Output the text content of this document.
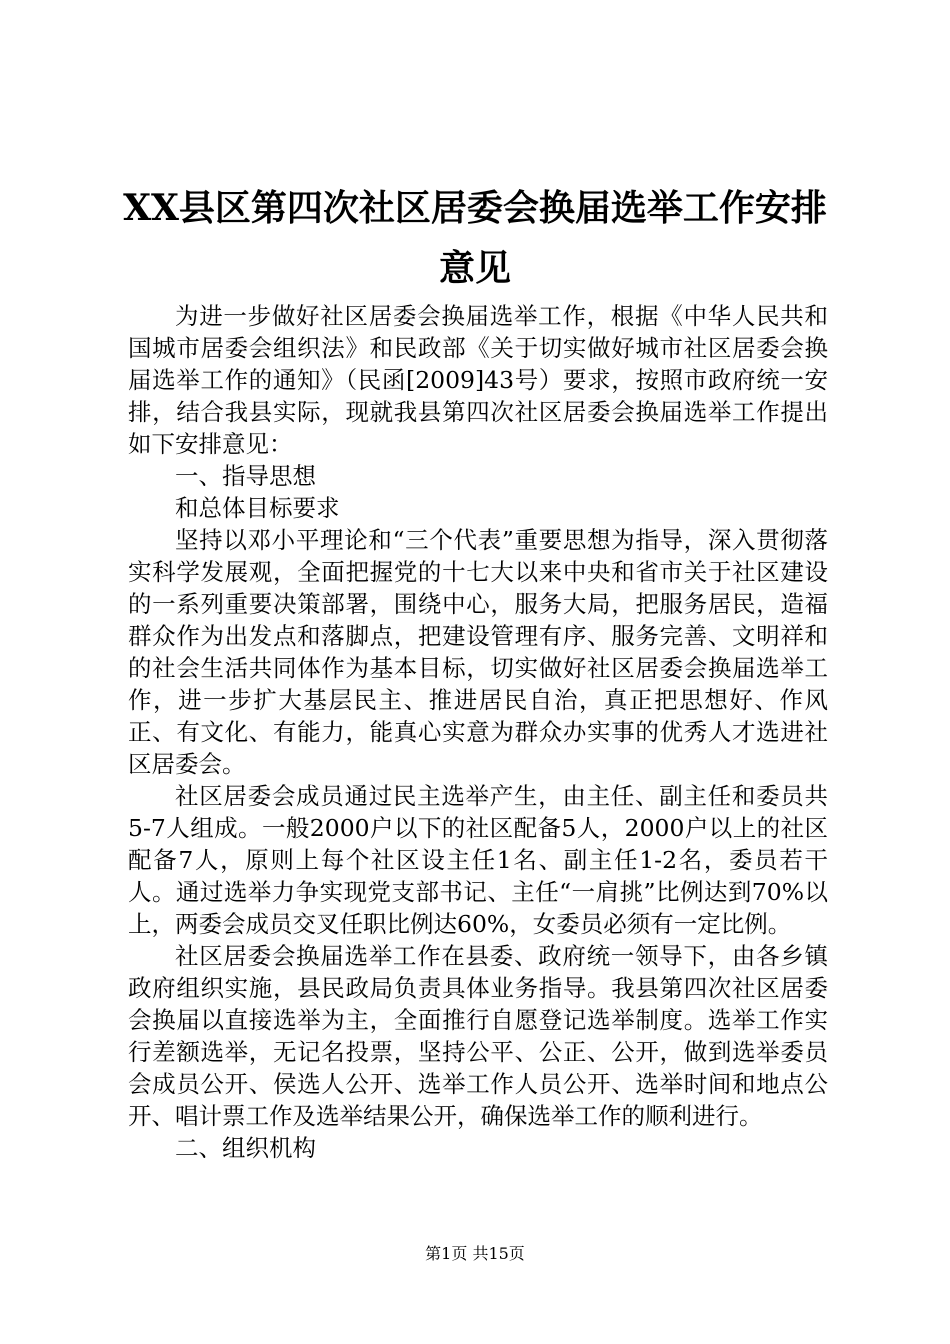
XX县区第四次社区居委会换届选举工作安排
意见

为进一步做好社区居委会换届选举工作，根据《中华人民共和国城市居委会组织法》和民政部《关于切实做好城市社区居委会换届选举工作的通知》（民函[2009]43号）要求，按照市政府统一安排，结合我县实际，现就我县第四次社区居委会换届选举工作提出如下安排意见：

一、指导思想

和总体目标要求

坚持以邓小平理论和“三个代表”重要思想为指导，深入贯彻落实科学发展观，全面把握党的十七大以来中央和省市关于社区建设的一系列重要决策部署，围绕中心，服务大局，把服务居民，造福群众作为出发点和落脚点，把建设管理有序、服务完善、文明祥和的社会生活共同体作为基本目标，切实做好社区居委会换届选举工作，进一步扩大基层民主、推进居民自治，真正把思想好、作风正、有文化、有能力，能真心实意为群众办实事的优秀人才选进社区居委会。

社区居委会成员通过民主选举产生，由主任、副主任和委员共5-7人组成。一般2000户以下的社区配备5人，2000户以上的社区配备7人，原则上每个社区设主任1名、副主任1-2名，委员若干人。通过选举力争实现党支部书记、主任“一肩挑”比例达到70%以上，两委会成员交叉任职比例达60%，女委员必须有一定比例。

社区居委会换届选举工作在县委、政府统一领导下，由各乡镇政府组织实施，县民政局负责具体业务指导。我县第四次社区居委会换届以直接选举为主，全面推行自愿登记选举制度。选举工作实行差额选举，无记名投票，坚持公平、公正、公开，做到选举委员会成员公开、侯选人公开、选举工作人员公开、选举时间和地点公开、唱计票工作及选举结果公开，确保选举工作的顺利进行。

二、组织机构

第1页 共15页
